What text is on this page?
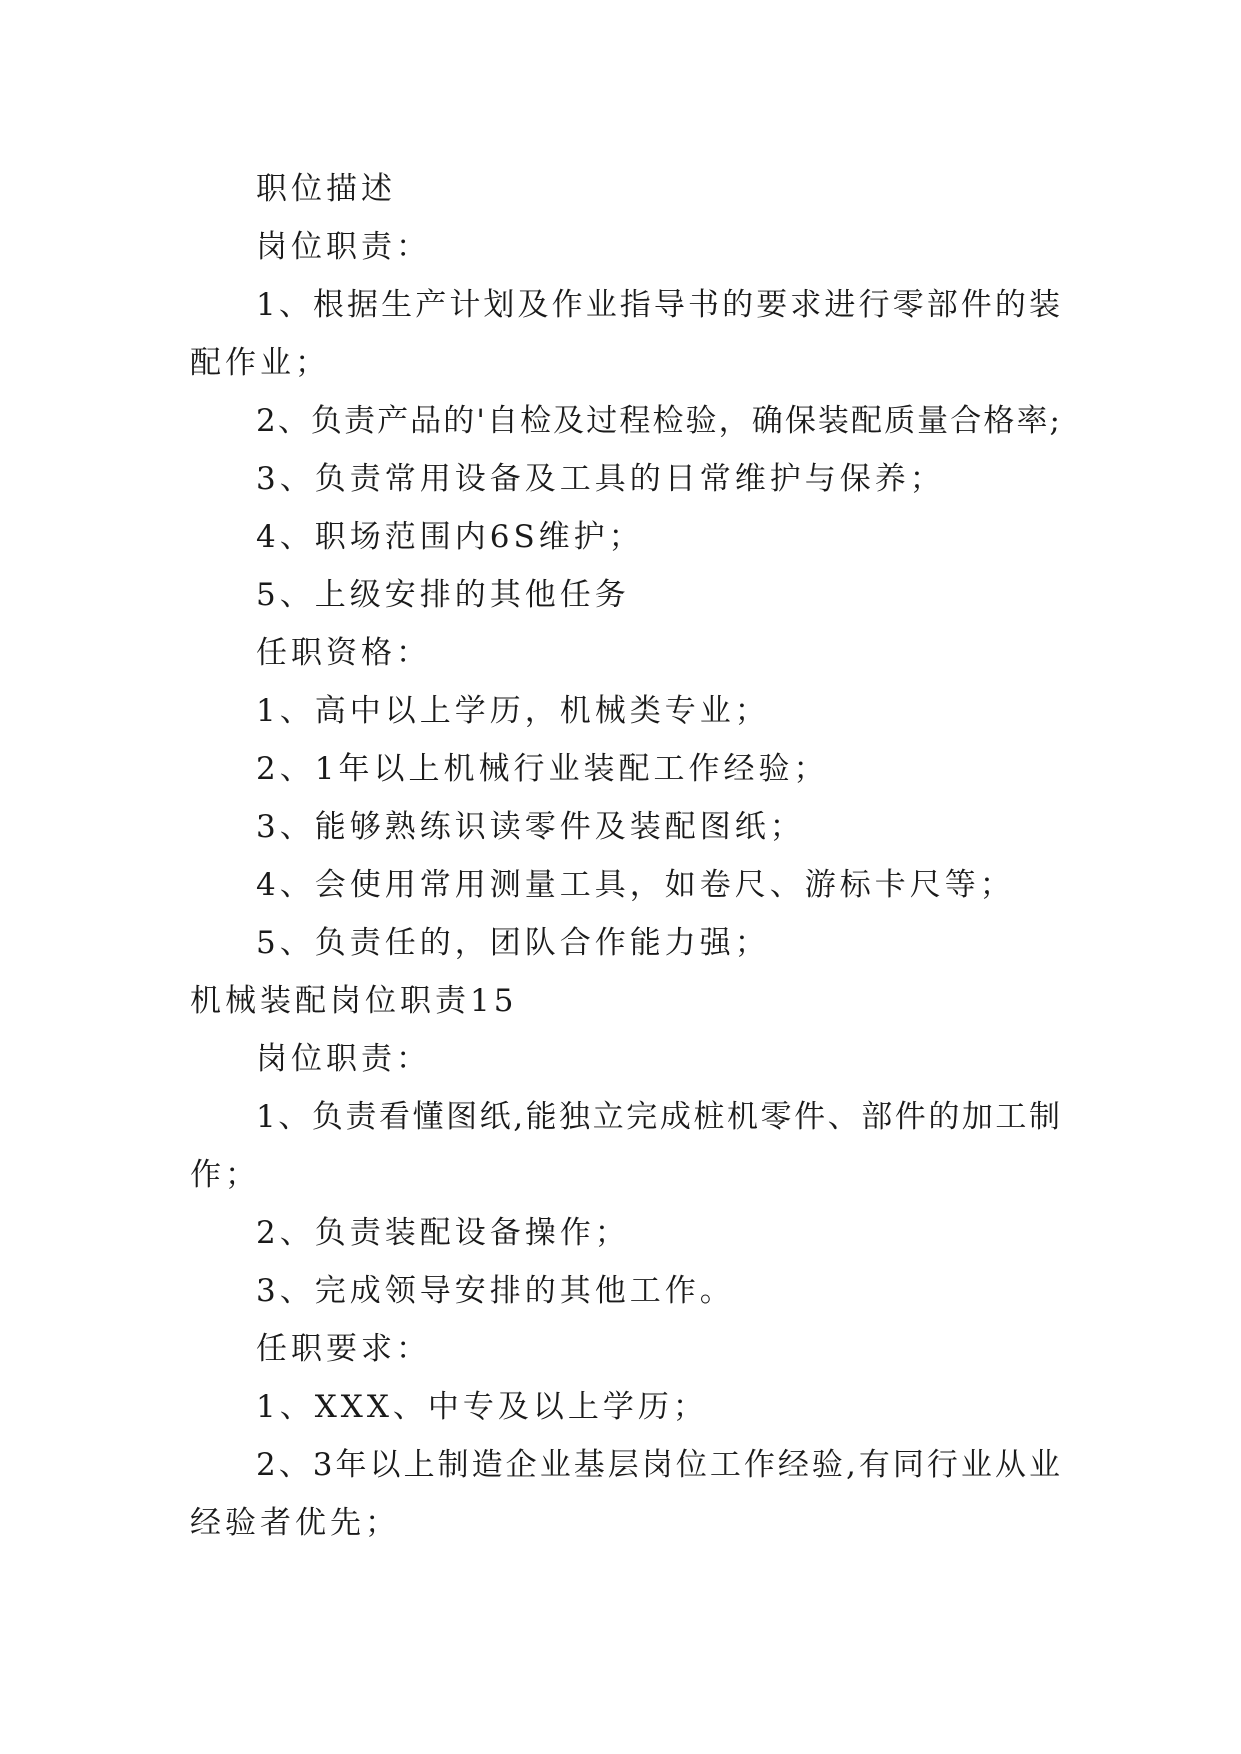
职位描述
岗位职责：
1、根据生产计划及作业指导书的要求进行零部件的装
配作业；
2、负责产品的'自检及过程检验，确保装配质量合格率;
3、负责常用设备及工具的日常维护与保养；
4、职场范围内6S维护；
5、上级安排的其他任务
任职资格：
1、高中以上学历，机械类专业；
2、1年以上机械行业装配工作经验；
3、能够熟练识读零件及装配图纸；
4、会使用常用测量工具，如卷尺、游标卡尺等；
5、负责任的，团队合作能力强；
机械装配岗位职责15
岗位职责：
1、负责看懂图纸,能独立完成桩机零件、部件的加工制
作；
2、负责装配设备操作；
3、完成领导安排的其他工作。
任职要求：
1、XXX、中专及以上学历；
2、3年以上制造企业基层岗位工作经验,有同行业从业
经验者优先；
